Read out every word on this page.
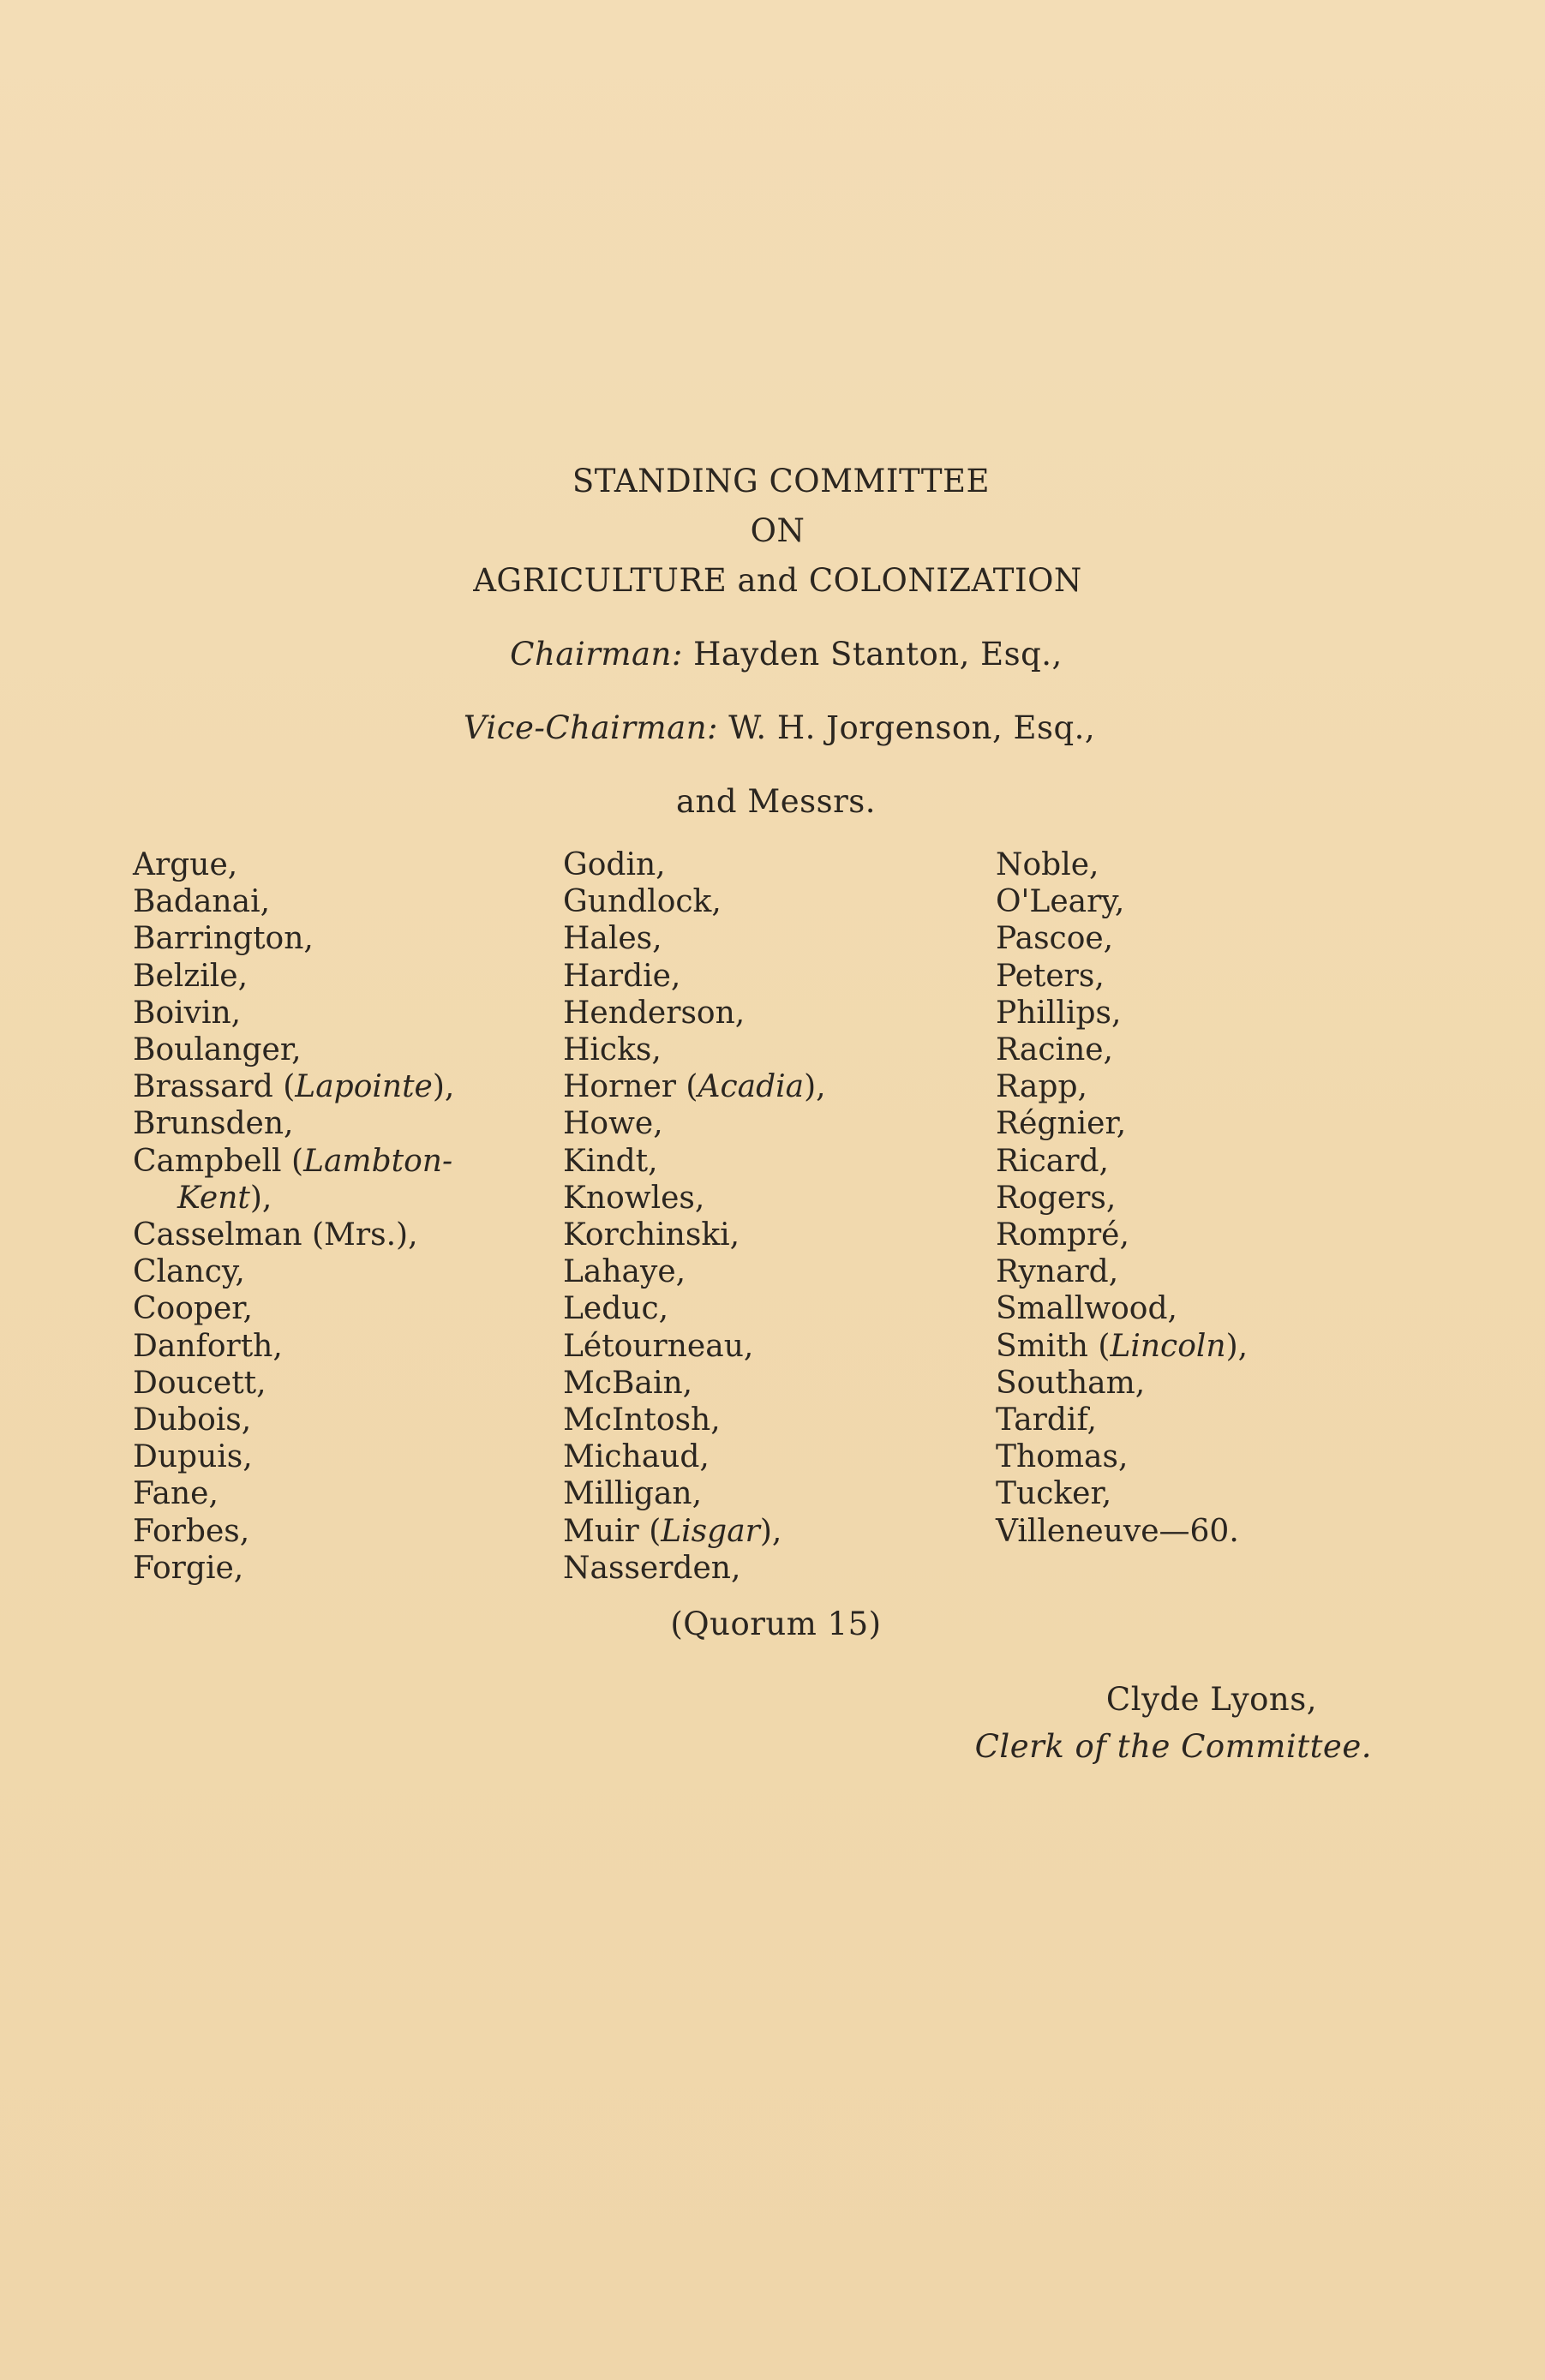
STANDING COMMITTEE
ON
AGRICULTURE and COLONIZATION
Chairman: Hayden Stanton, Esq.,
Vice-Chairman: W. H. Jorgenson, Esq.,
and Messrs.
Argue,
Badanai,
Barrington,
Belzile,
Boivin,
Boulanger,
Brassard (Lapointe),
Brunsden,
Campbell (Lambton-
Kent),
Casselman (Mrs.),
Clancy,
Cooper,
Danforth,
Doucett,
Dubois,
Dupuis,
Fane,
Forbes,
Forgie,
Godin,
Gundlock,
Hales,
Hardie,
Henderson,
Hicks,
Horner (Acadia),
Howe,
Kindt,
Knowles,
Korchinski,
Lahaye,
Leduc,
Létourneau,
McBain,
McIntosh,
Michaud,
Milligan,
Muir (Lisgar),
Nasserden,
Noble,
O'Leary,
Pascoe,
Peters,
Phillips,
Racine,
Rapp,
Régnier,
Ricard,
Rogers,
Rompré,
Rynard,
Smallwood,
Smith (Lincoln),
Southam,
Tardif,
Thomas,
Tucker,
Villeneuve—60.
(Quorum 15)
Clyde Lyons,
Clerk of the Committee.
